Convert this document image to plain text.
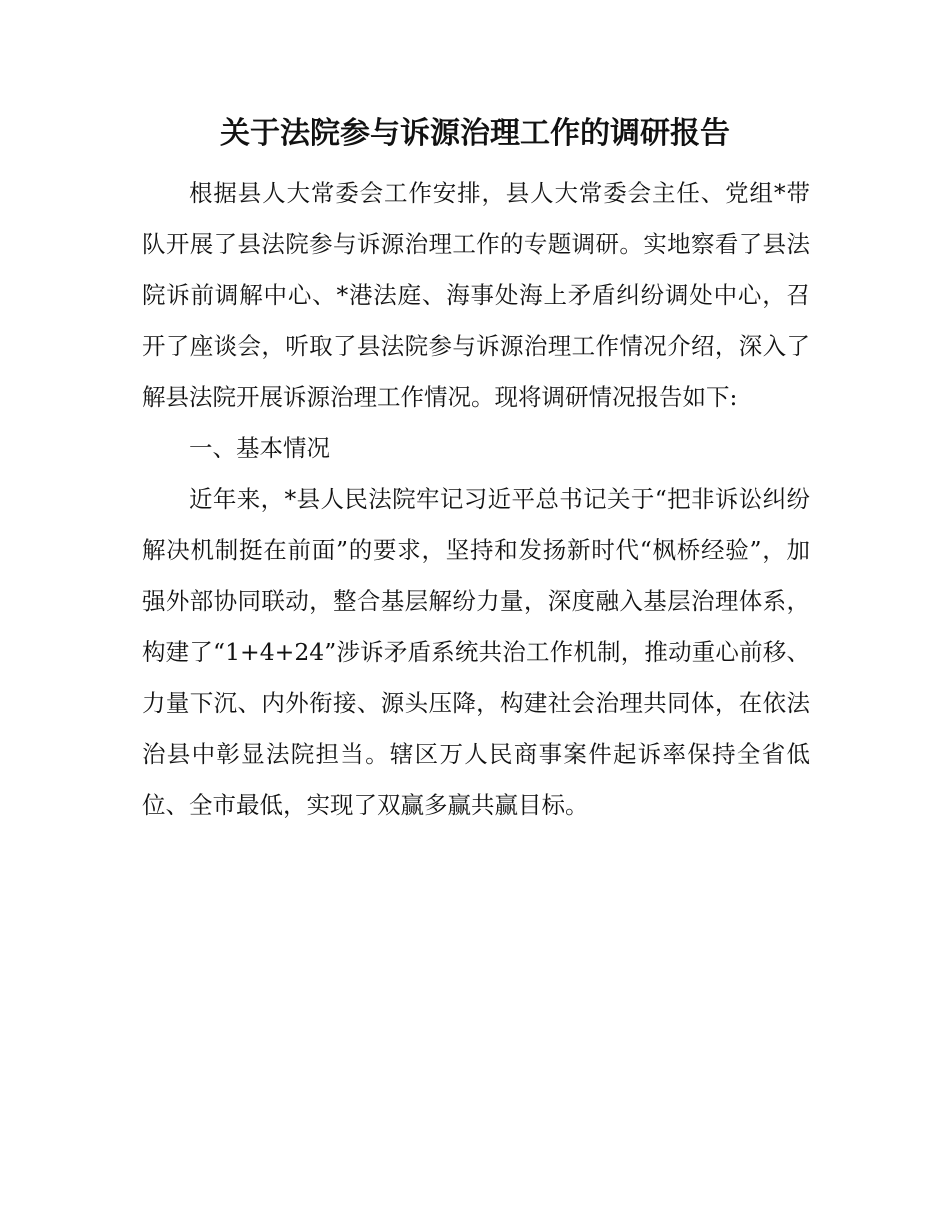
关于法院参与诉源治理工作的调研报告

根据县人大常委会工作安排，县人大常委会主任、党组*带队开展了县法院参与诉源治理工作的专题调研。实地察看了县法院诉前调解中心、*港法庭、海事处海上矛盾纠纷调处中心，召开了座谈会，听取了县法院参与诉源治理工作情况介绍，深入了解县法院开展诉源治理工作情况。现将调研情况报告如下:

一、基本情况

近年来，*县人民法院牢记习近平总书记关于“把非诉讼纠纷解决机制挺在前面”的要求，坚持和发扬新时代“枫桥经验”，加强外部协同联动，整合基层解纷力量，深度融入基层治理体系，构建了“1+4+24”涉诉矛盾系统共治工作机制，推动重心前移、力量下沉、内外衔接、源头压降，构建社会治理共同体，在依法治县中彰显法院担当。辖区万人民商事案件起诉率保持全省低位、全市最低，实现了双赢多赢共赢目标。
